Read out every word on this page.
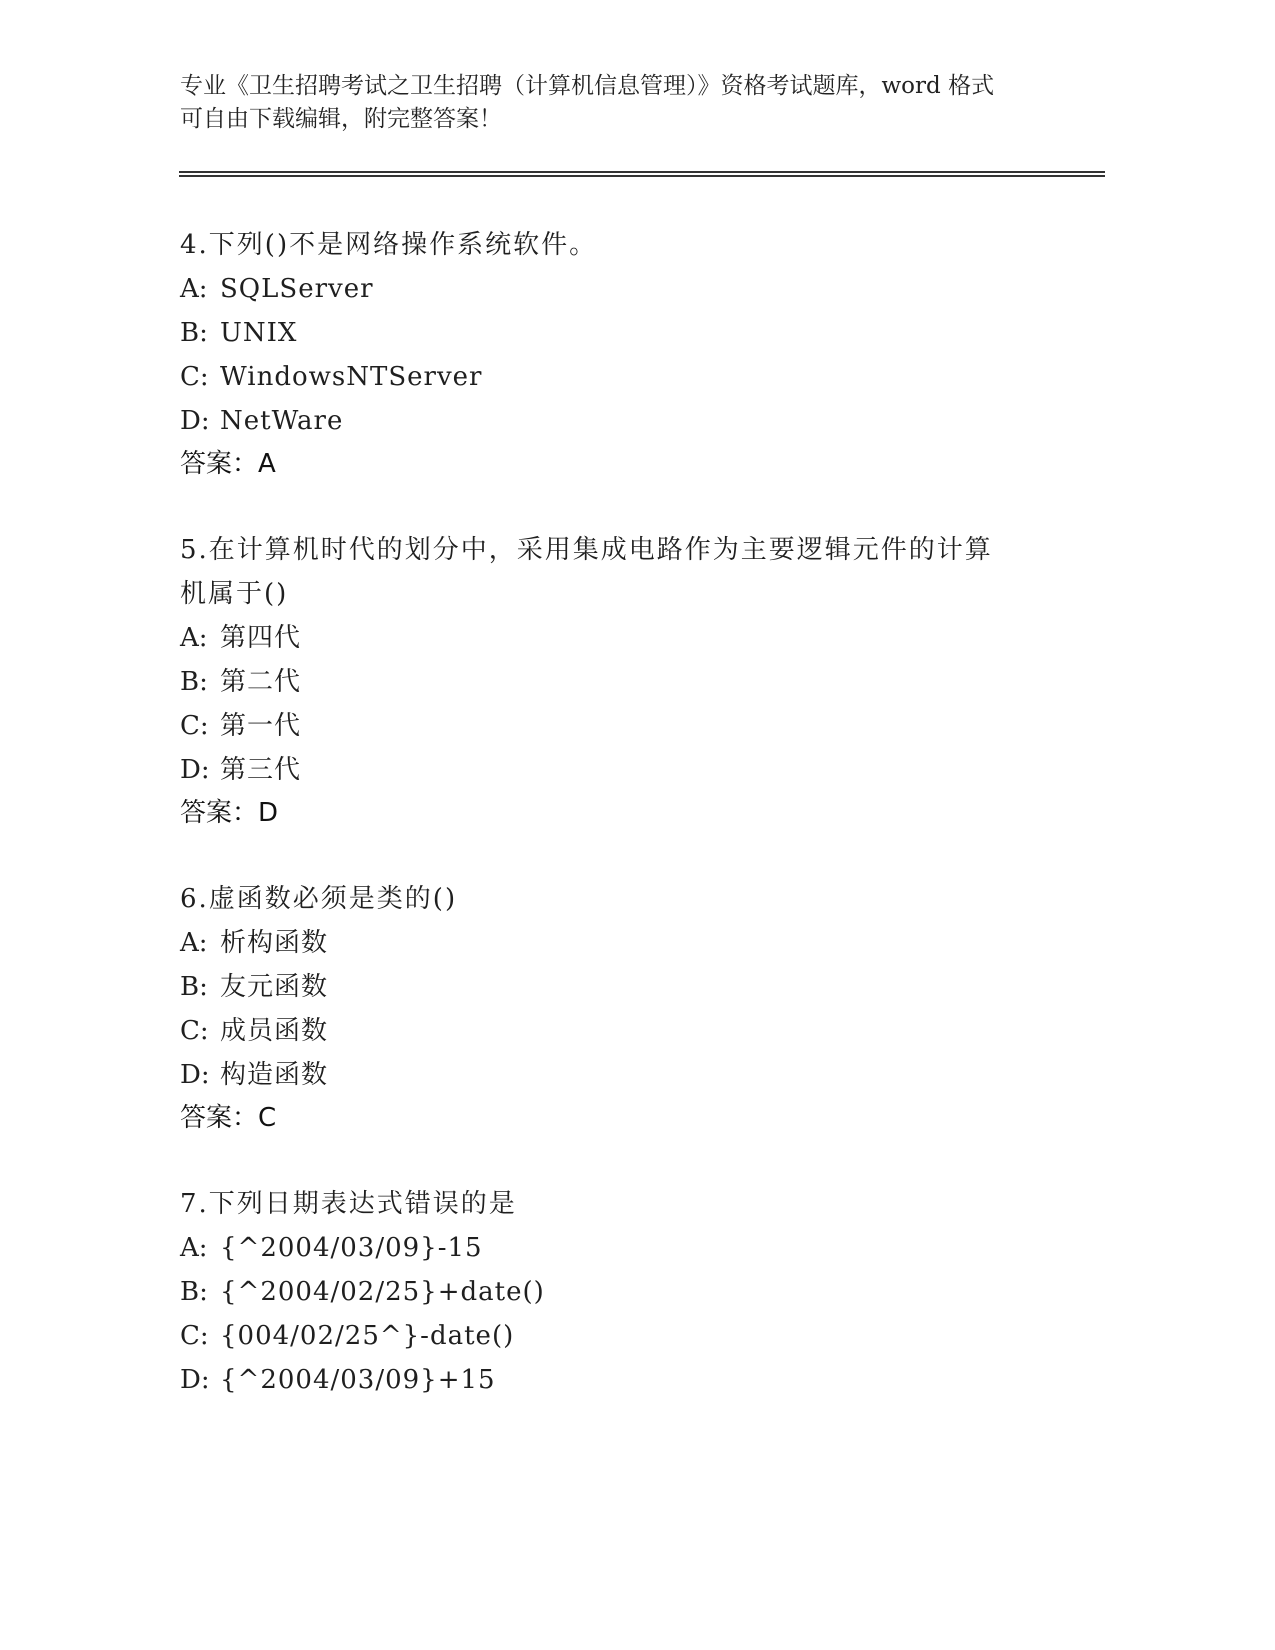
专业《卫生招聘考试之卫生招聘（计算机信息管理）》资格考试题库，word 格式
可自由下载编辑，附完整答案！
4.下列()不是网络操作系统软件。
A: SQLServer
B: UNIX
C: WindowsNTServer
D: NetWare
答案：A
5.在计算机时代的划分中，采用集成电路作为主要逻辑元件的计算机属于()
A: 第四代
B: 第二代
C: 第一代
D: 第三代
答案：D
6.虚函数必须是类的()
A: 析构函数
B: 友元函数
C: 成员函数
D: 构造函数
答案：C
7.下列日期表达式错误的是
A: {^2004/03/09}-15
B: {^2004/02/25}+date()
C: {004/02/25^}-date()
D: {^2004/03/09}+15
